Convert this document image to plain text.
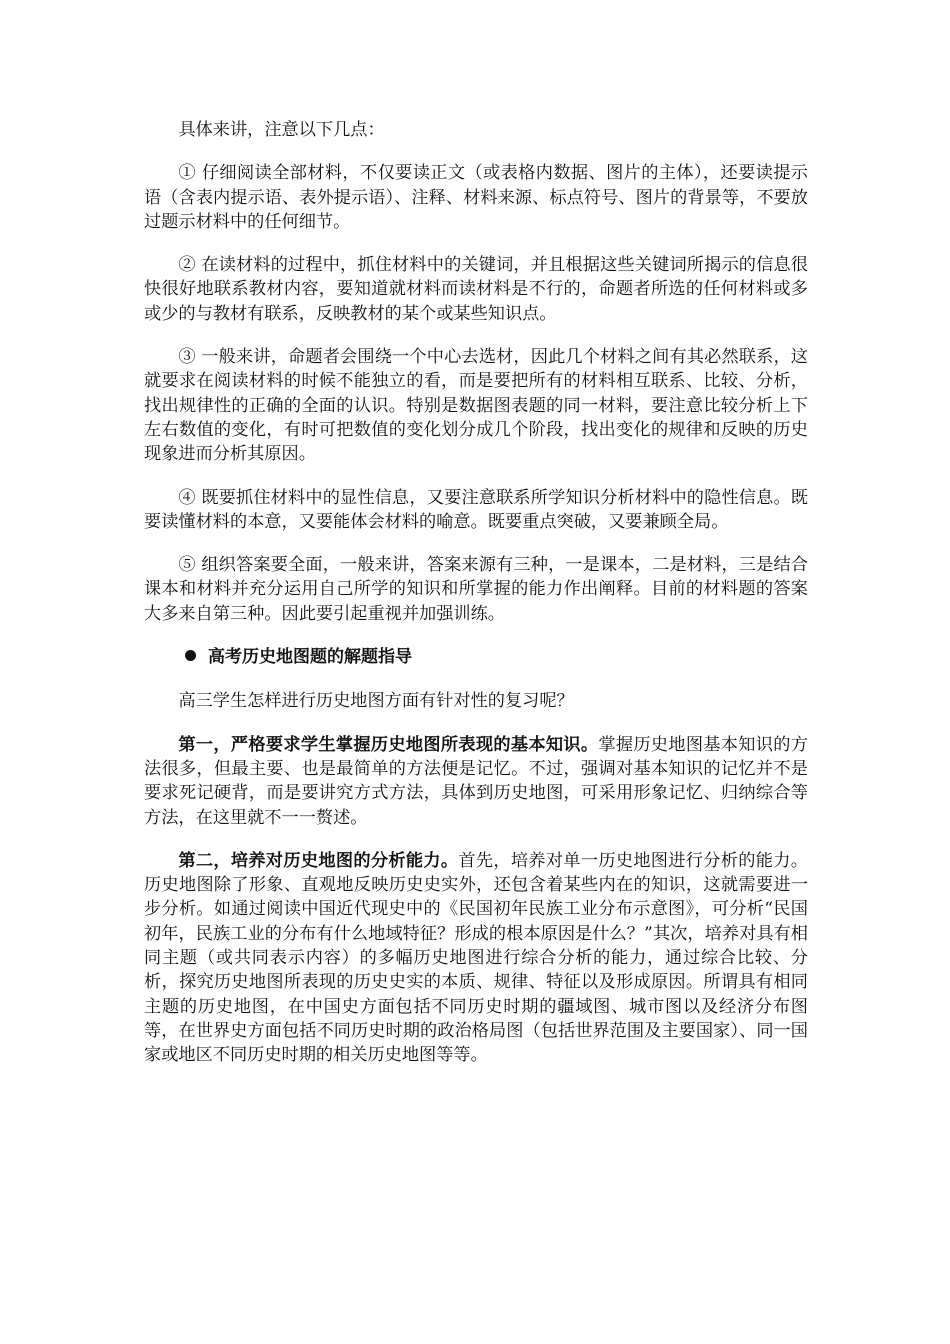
具体来讲，注意以下几点：

① 仔细阅读全部材料，不仅要读正文（或表格内数据、图片的主体），还要读提示语（含表内提示语、表外提示语）、注释、材料来源、标点符号、图片的背景等，不要放过题示材料中的任何细节。

② 在读材料的过程中，抓住材料中的关键词，并且根据这些关键词所揭示的信息很快很好地联系教材内容，要知道就材料而读材料是不行的，命题者所选的任何材料或多或少的与教材有联系，反映教材的某个或某些知识点。

③ 一般来讲，命题者会围绕一个中心去选材，因此几个材料之间有其必然联系，这就要求在阅读材料的时候不能独立的看，而是要把所有的材料相互联系、比较、分析，找出规律性的正确的全面的认识。特别是数据图表题的同一材料，要注意比较分析上下左右数值的变化，有时可把数值的变化划分成几个阶段，找出变化的规律和反映的历史现象进而分析其原因。

④ 既要抓住材料中的显性信息，又要注意联系所学知识分析材料中的隐性信息。既要读懂材料的本意，又要能体会材料的喻意。既要重点突破，又要兼顾全局。

⑤ 组织答案要全面，一般来讲，答案来源有三种，一是课本，二是材料，三是结合课本和材料并充分运用自己所学的知识和所掌握的能力作出阐释。目前的材料题的答案大多来自第三种。因此要引起重视并加强训练。

高考历史地图题的解题指导

高三学生怎样进行历史地图方面有针对性的复习呢？

第一，严格要求学生掌握历史地图所表现的基本知识。掌握历史地图基本知识的方法很多，但最主要、也是最简单的方法便是记忆。不过，强调对基本知识的记忆并不是要求死记硬背，而是要讲究方式方法，具体到历史地图，可采用形象记忆、归纳综合等方法，在这里就不一一赘述。

第二，培养对历史地图的分析能力。首先，培养对单一历史地图进行分析的能力。历史地图除了形象、直观地反映历史史实外，还包含着某些内在的知识，这就需要进一步分析。如通过阅读中国近代现史中的《民国初年民族工业分布示意图》，可分析“民国初年，民族工业的分布有什么地域特征？形成的根本原因是什么？”其次，培养对具有相同主题（或共同表示内容）的多幅历史地图进行综合分析的能力，通过综合比较、分析，探究历史地图所表现的历史史实的本质、规律、特征以及形成原因。所谓具有相同主题的历史地图，在中国史方面包括不同历史时期的疆域图、城市图以及经济分布图等，在世界史方面包括不同历史时期的政治格局图（包括世界范围及主要国家）、同一国家或地区不同历史时期的相关历史地图等等。
